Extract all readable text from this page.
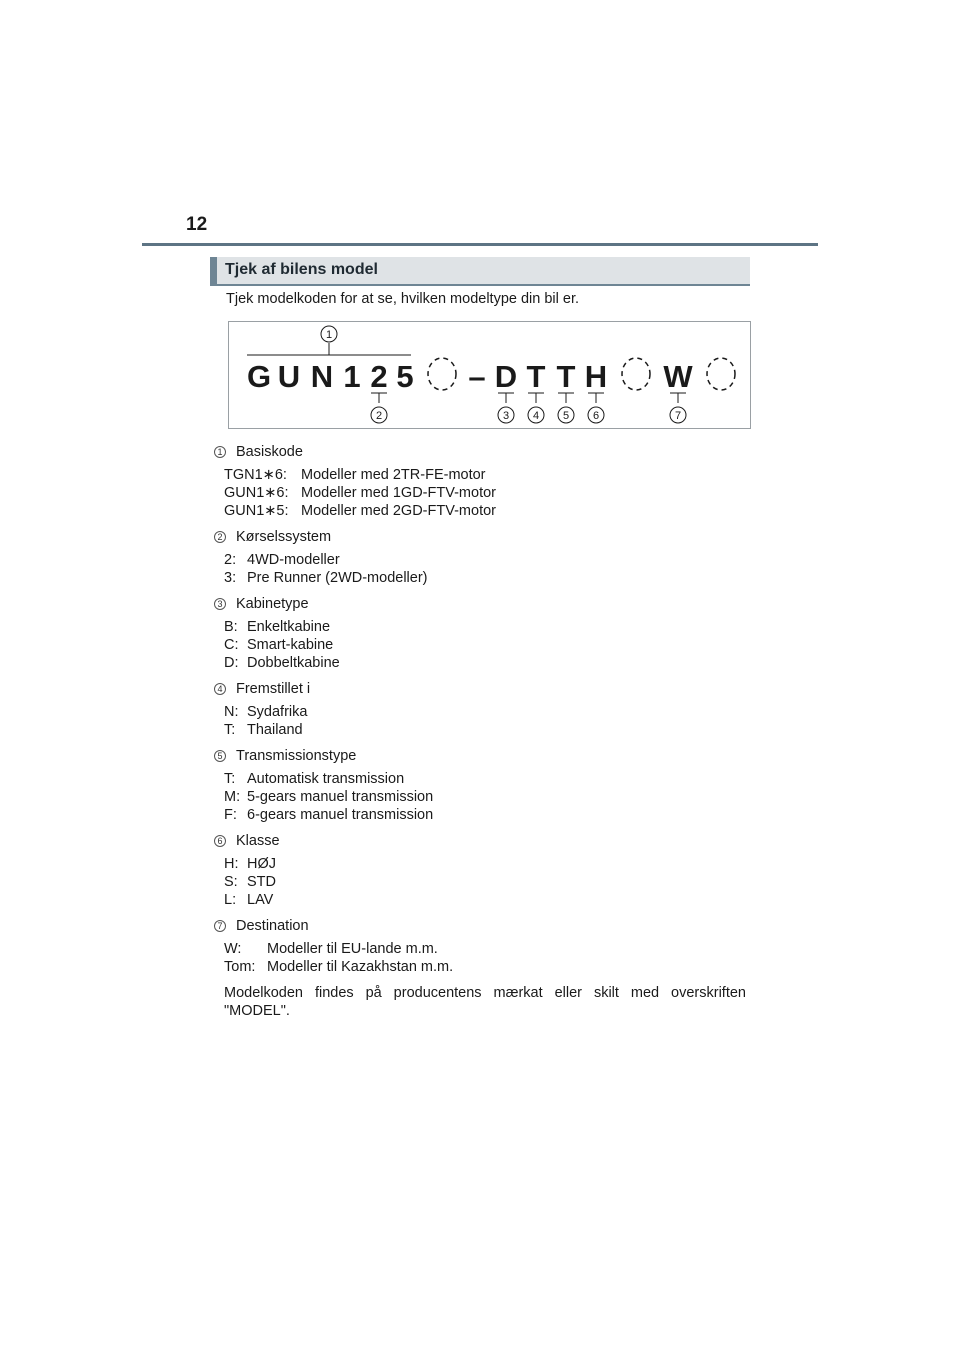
12
Tjek af bilens model
Tjek modelkoden for at se, hvilken modeltype din bil er.
G U N 1 2 5 – D T T H W
1
2	3 4 5 6	7
1 Basiskode
TGN1∗6: Modeller med 2TR-FE-motor
GUN1∗6: Modeller med 1GD-FTV-motor
GUN1∗5: Modeller med 2GD-FTV-motor
2 Kørselssystem
2: 4WD-modeller
3: Pre Runner (2WD-modeller)
3 Kabinetype
B: Enkeltkabine
C: Smart-kabine
D: Dobbeltkabine
4 Fremstillet i
N: Sydafrika
T: Thailand
5 Transmissionstype
T: Automatisk transmission
M: 5-gears manuel transmission
F: 6-gears manuel transmission
6 Klasse
H: HØJ
S: STD
L: LAV
7 Destination
W:	Modeller til EU-lande m.m.
Tom: Modeller til Kazakhstan m.m.
Modelkoden findes på producentens mærkat eller skilt med overskriften "MODEL".
